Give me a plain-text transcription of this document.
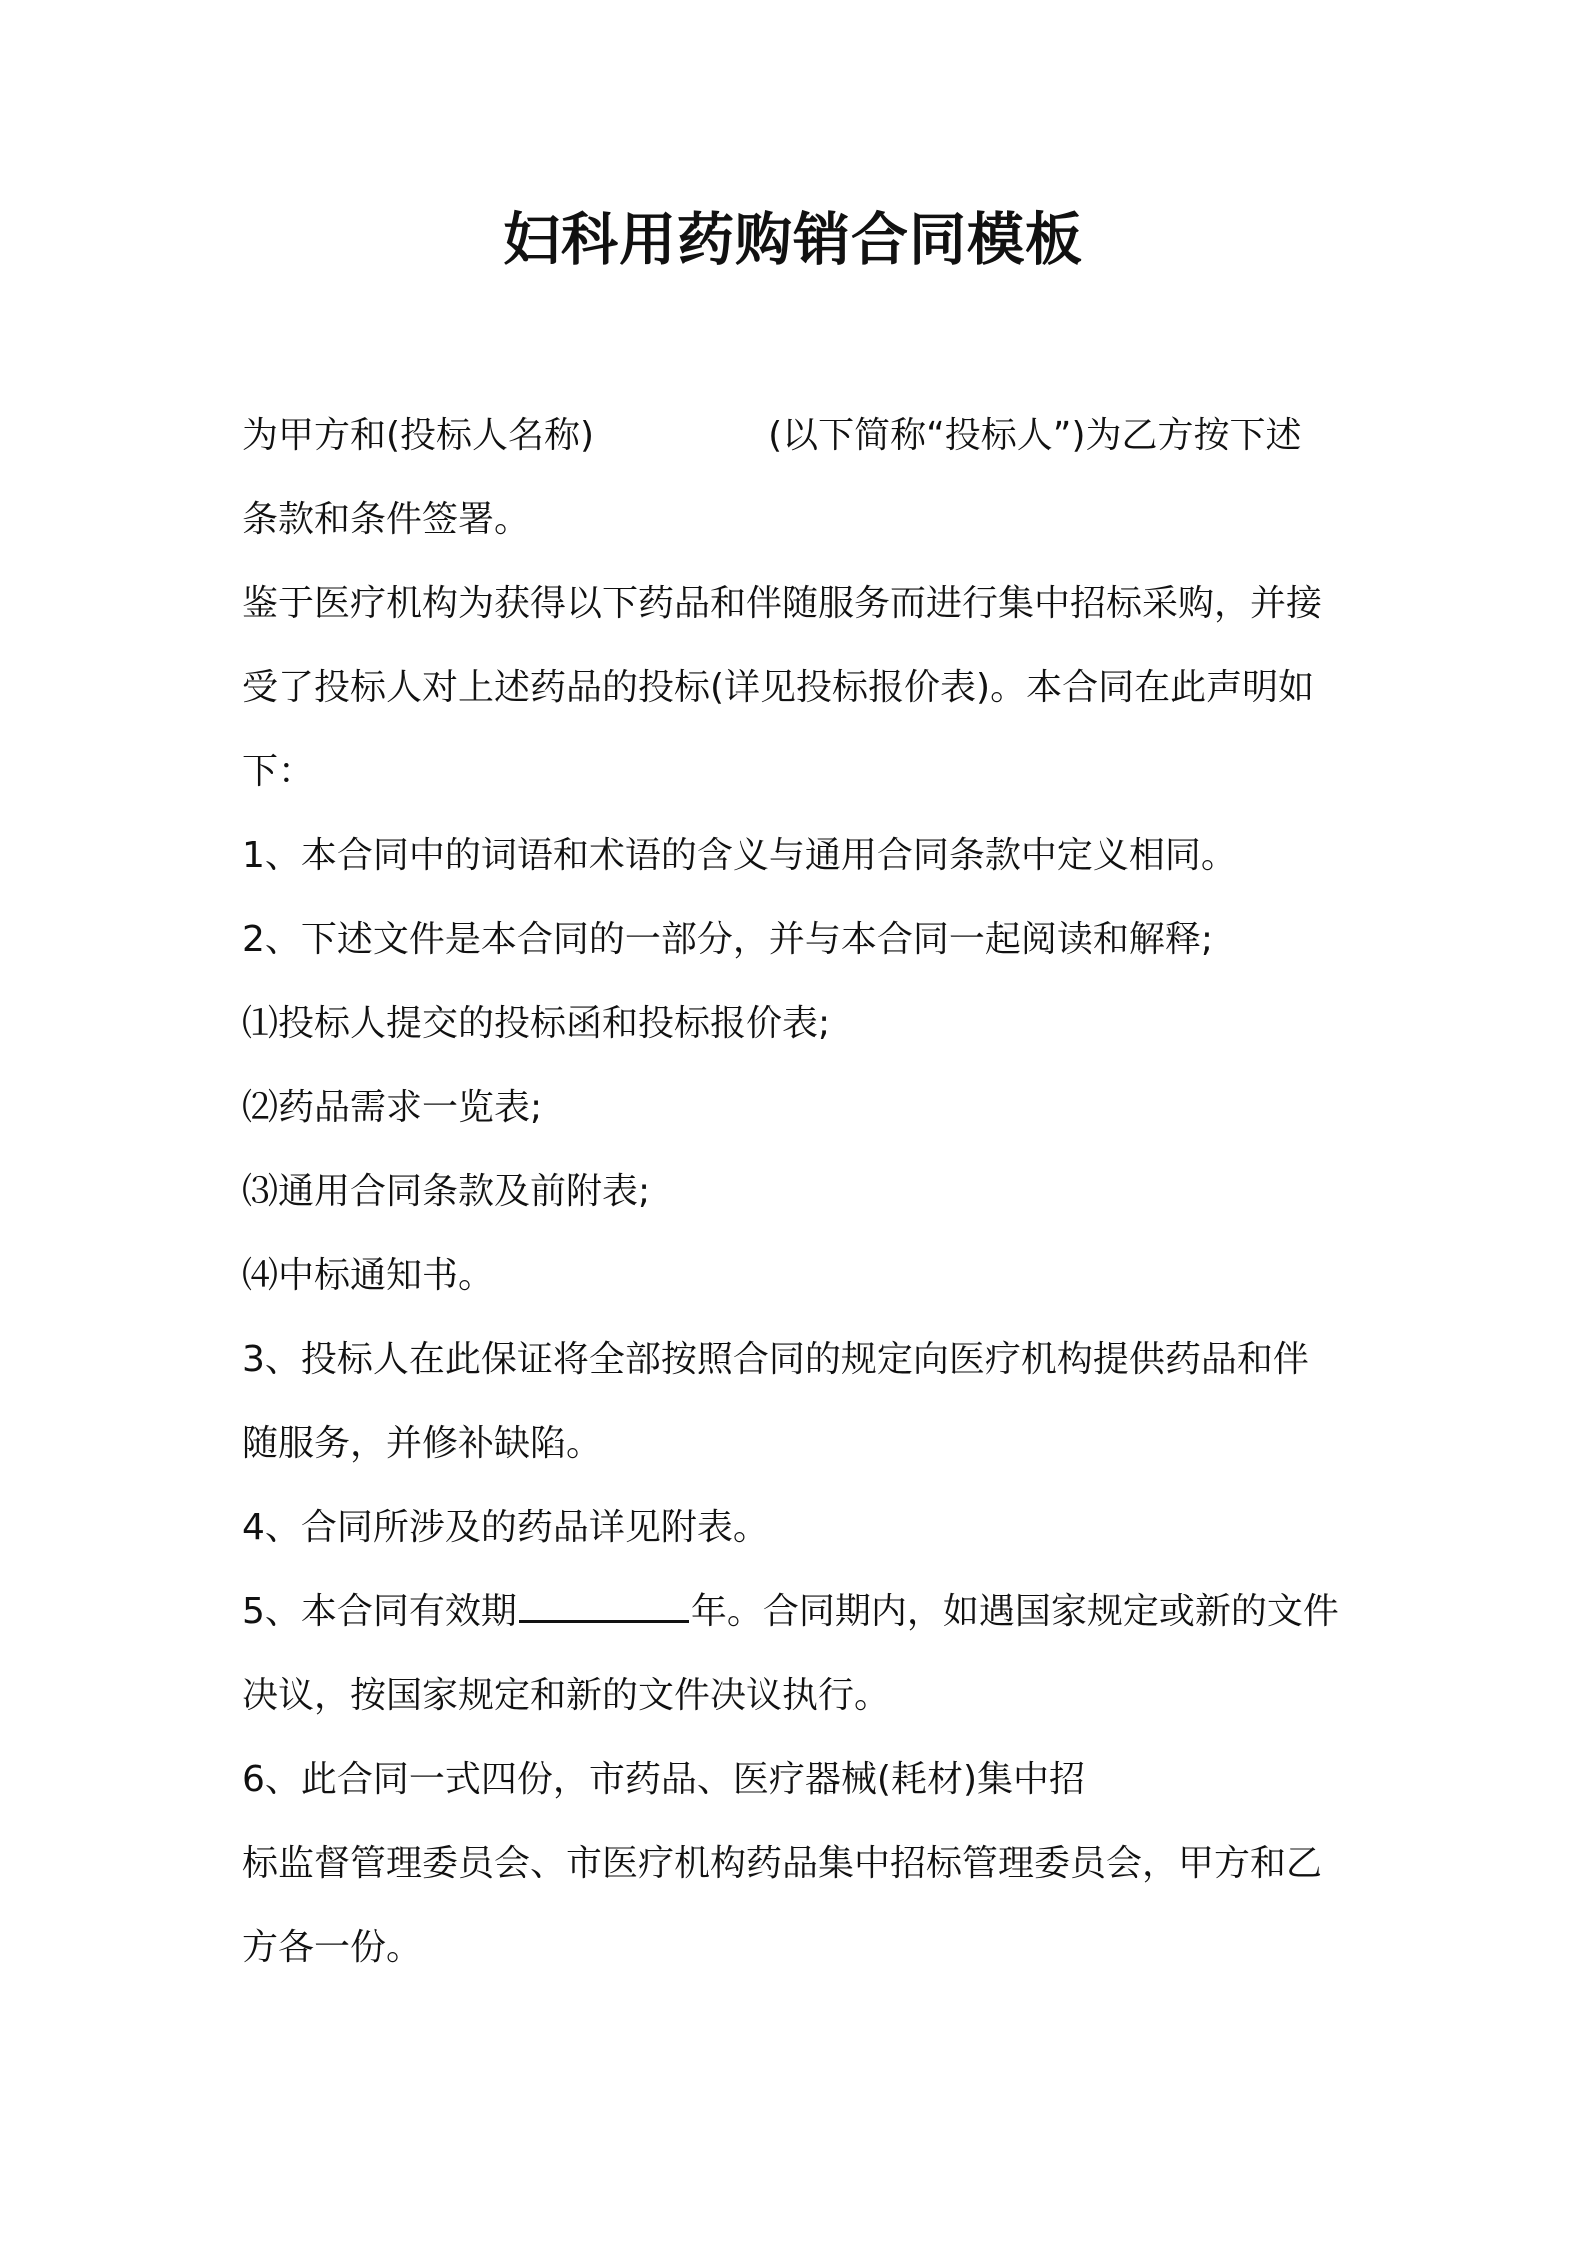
妇科用药购销合同模板

为甲方和(投标人名称)	(以下简称“投标人”)为乙方按下述

条款和条件签署。

鉴于医疗机构为获得以下药品和伴随服务而进行集中招标采购，并接

受了投标人对上述药品的投标(详见投标报价表)。本合同在此声明如

下：

1、本合同中的词语和术语的含义与通用合同条款中定义相同。

2、下述文件是本合同的一部分，并与本合同一起阅读和解释;

⑴投标人提交的投标函和投标报价表;

⑵药品需求一览表;

⑶通用合同条款及前附表;

⑷中标通知书。

3、投标人在此保证将全部按照合同的规定向医疗机构提供药品和伴

随服务，并修补缺陷。

4、合同所涉及的药品详见附表。

5、本合同有效期	年。合同期内，如遇国家规定或新的文件

决议，按国家规定和新的文件决议执行。

6、此合同一式四份，市药品、医疗器械(耗材)集中招

标监督管理委员会、市医疗机构药品集中招标管理委员会，甲方和乙

方各一份。
